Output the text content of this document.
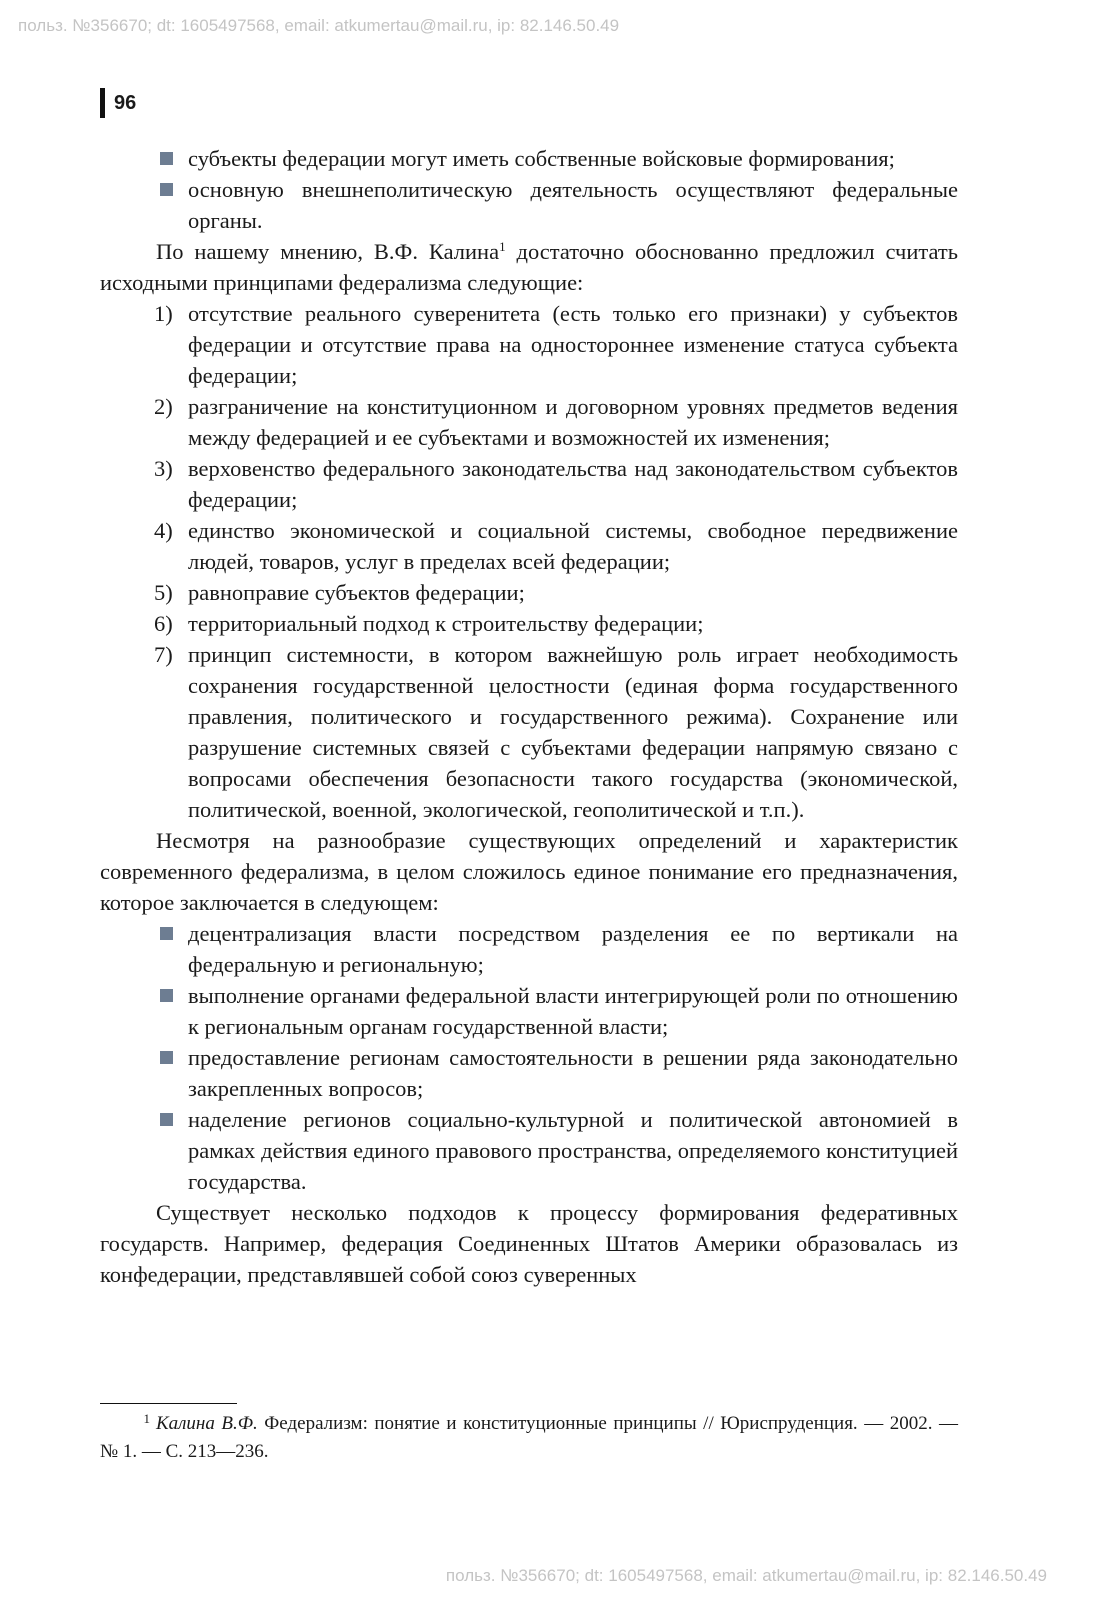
польз. №356670; dt: 1605497568, email: atkumertau@mail.ru, ip: 82.146.50.49
96
субъекты федерации могут иметь собственные войсковые формирования;
основную внешнеполитическую деятельность осуществляют федеральные органы.

По нашему мнению, В.Ф. Калина$^1$ достаточно обоснованно предложил считать исходными принципами федерализма следующие:

1) отсутствие реального суверенитета (есть только его признаки) у субъектов федерации и отсутствие права на одностороннее изменение статуса субъекта федерации;
2) разграничение на конституционном и договорном уровнях предметов ведения между федерацией и ее субъектами и возможностей их изменения;
3) верховенство федерального законодательства над законодательством субъектов федерации;
4) единство экономической и социальной системы, свободное передвижение людей, товаров, услуг в пределах всей федерации;
5) равноправие субъектов федерации;
6) территориальный подход к строительству федерации;
7) принцип системности, в котором важнейшую роль играет необходимость сохранения государственной целостности (единая форма государственного правления, политического и государственного режима). Сохранение или разрушение системных связей с субъектами федерации напрямую связано с вопросами обеспечения безопасности такого государства (экономической, политической, военной, экологической, геополитической и т.п.).

Несмотря на разнообразие существующих определений и характеристик современного федерализма, в целом сложилось единое понимание его предназначения, которое заключается в следующем:

децентрализация власти посредством разделения ее по вертикали на федеральную и региональную;
выполнение органами федеральной власти интегрирующей роли по отношению к региональным органам государственной власти;
предоставление регионам самостоятельности в решении ряда законодательно закрепленных вопросов;
наделение регионов социально-культурной и политической автономией в рамках действия единого правового пространства, определяемого конституцией государства.

Существует несколько подходов к процессу формирования федеративных государств. Например, федерация Соединенных Штатов Америки образовалась из конфедерации, представлявшей собой союз суверенных

1 Калина В.Ф. Федерализм: понятие и конституционные принципы // Юриспруденция. — 2002. — № 1. — С. 213—236.
польз. №356670; dt: 1605497568, email: atkumertau@mail.ru, ip: 82.146.50.49
